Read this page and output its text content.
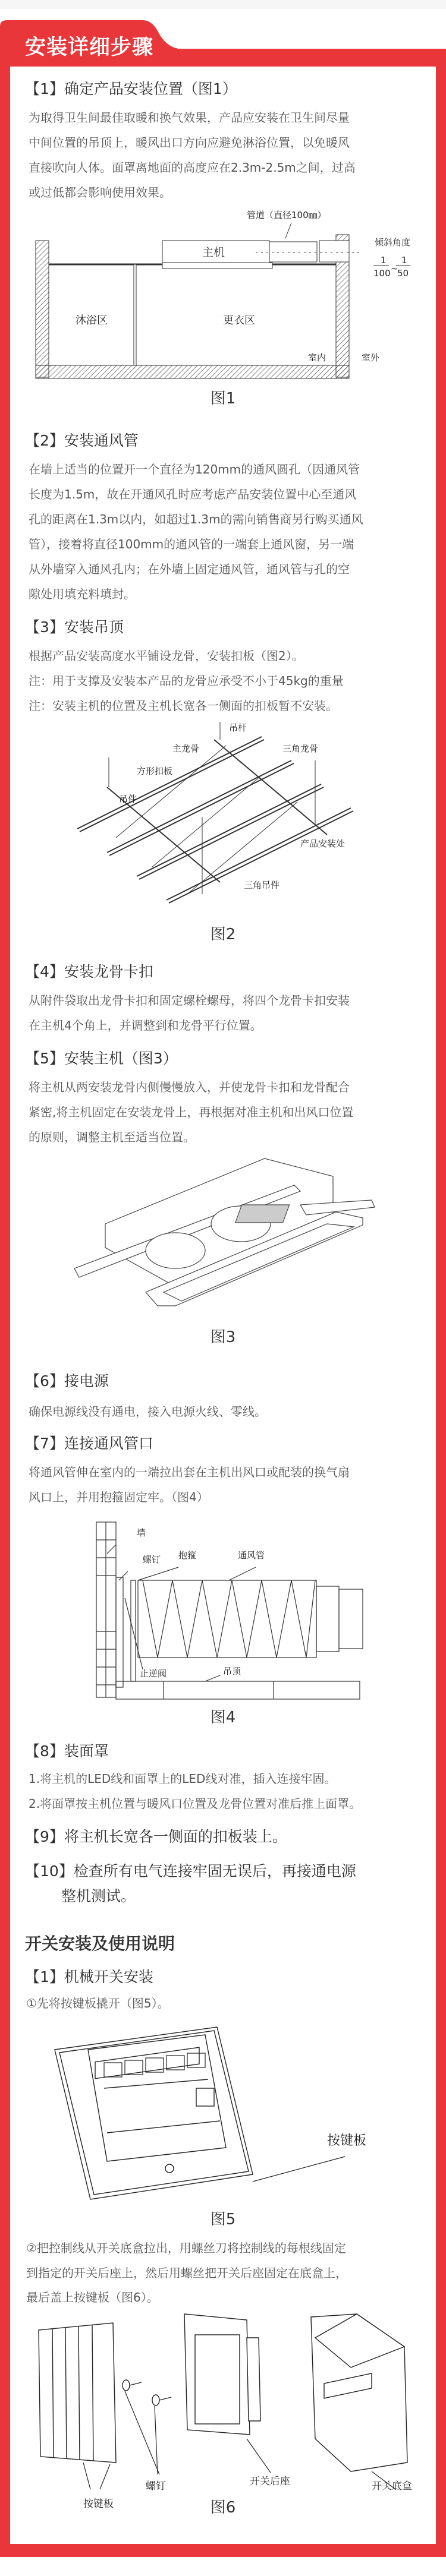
安装详细步骤
【1】确定产品安装位置（图1）
为取得卫生间最佳取暖和换气效果，产品应安装在卫生间尽量
中间位置的吊顶上，暖风出口方向应避免淋浴位置，以免暖风
直接吹向人体。面罩离地面的高度应在2.3m-2.5m之间，过高
或过低都会影响使用效果。
管道（直径100㎜）
主机
倾斜角度
1
100 ~
1
50
沐浴区	更衣区
室内	室外
图1
【2】安装通风管
在墙上适当的位置开一个直径为120mm的通风圆孔（因通风管
长度为1.5m，故在开通风孔时应考虑产品安装位置中心至通风
孔的距离在1.3m以内，如超过1.3m的需向销售商另行购买通风
管），接着将直径100mm的通风管的一端套上通风窗，另一端
从外墙穿入通风孔内；在外墙上固定通风管，通风管与孔的空
隙处用填充料填封。
【3】安装吊顶
根据产品安装高度水平铺设龙骨，安装扣板（图2）。
注：用于支撑及安装本产品的龙骨应承受不小于45kg的重量
注：安装主机的位置及主机长宽各一侧面的扣板暂不安装。
吊杆
主龙骨	三角龙骨
方形扣板
吊件
产品安装处
三角吊件
图2
【4】安装龙骨卡扣
从附件袋取出龙骨卡扣和固定螺栓螺母，将四个龙骨卡扣安装
在主机4个角上，并调整到和龙骨平行位置。
【5】安装主机（图3）
将主机从两安装龙骨内侧慢慢放入，并使龙骨卡扣和龙骨配合
紧密,将主机固定在安装龙骨上，再根据对准主机和出风口位置
的原则，调整主机至适当位置。
图3
【6】接电源
确保电源线没有通电，接入电源火线、零线。
【7】连接通风管口
将通风管伸在室内的一端拉出套在主机出风口或配装的换气扇
风口上，并用抱箍固定牢。（图4）
墙
螺钉 抱箍	通风管
止逆阀	吊顶
图4
【8】装面罩
1.将主机的LED线和面罩上的LED线对准，插入连接牢固。
2.将面罩按主机位置与暖风口位置及龙骨位置对准后推上面罩。
【9】将主机长宽各一侧面的扣板装上。
【10】检查所有电气连接牢固无误后，再接通电源
整机测试。
开关安装及使用说明
【1】机械开关安装
①先将按键板撬开（图5）。
按键板
图5
②把控制线从开关底盒拉出，用螺丝刀将控制线的每根线固定
到指定的开关后座上，然后用螺丝把开关后座固定在底盒上，
最后盖上按键板（图6）。
按键板
螺钉	开关后座	开关底盒
图6
